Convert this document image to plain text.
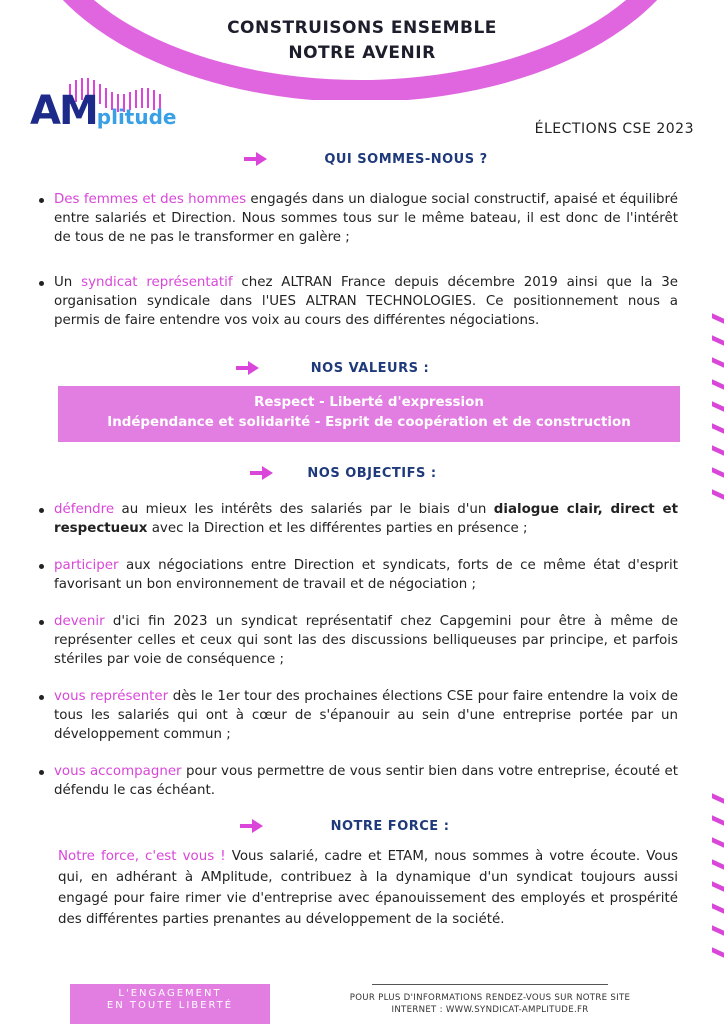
CONSTRUISONS ENSEMBLE
NOTRE AVENIR
AMplitude	ÉLECTIONS CSE 2023
QUI SOMMES-NOUS ?
Des femmes et des hommes engagés dans un dialogue social constructif, apaisé et équilibré entre salariés et Direction. Nous sommes tous sur le même bateau, il est donc de l'intérêt de tous de ne pas le transformer en galère ;
Un syndicat représentatif chez ALTRAN France depuis décembre 2019 ainsi que la 3e organisation syndicale dans l'UES ALTRAN TECHNOLOGIES. Ce positionnement nous a permis de faire entendre vos voix au cours des différentes négociations.
NOS VALEURS :
Respect - Liberté d'expression
Indépendance et solidarité - Esprit de coopération et de construction
NOS OBJECTIFS :
défendre au mieux les intérêts des salariés par le biais d'un dialogue clair, direct et respectueux avec la Direction et les différentes parties en présence ;
participer aux négociations entre Direction et syndicats, forts de ce même état d'esprit favorisant un bon environnement de travail et de négociation ;
devenir d'ici fin 2023 un syndicat représentatif chez Capgemini pour être à même de représenter celles et ceux qui sont las des discussions belliqueuses par principe, et parfois stériles par voie de conséquence ;
vous représenter dès le 1er tour des prochaines élections CSE pour faire entendre la voix de tous les salariés qui ont à cœur de s'épanouir au sein d'une entreprise portée par un développement commun ;
vous accompagner pour vous permettre de vous sentir bien dans votre entreprise, écouté et défendu le cas échéant.
NOTRE FORCE :
Notre force, c'est vous ! Vous salarié, cadre et ETAM, nous sommes à votre écoute. Vous qui, en adhérant à AMplitude, contribuez à la dynamique d'un syndicat toujours aussi engagé pour faire rimer vie d'entreprise avec épanouissement des employés et prospérité des différentes parties prenantes au développement de la société.
L'ENGAGEMENT
EN TOUTE LIBERTÉ
POUR PLUS D'INFORMATIONS RENDEZ-VOUS SUR NOTRE SITE
INTERNET : WWW.SYNDICAT-AMPLITUDE.FR
